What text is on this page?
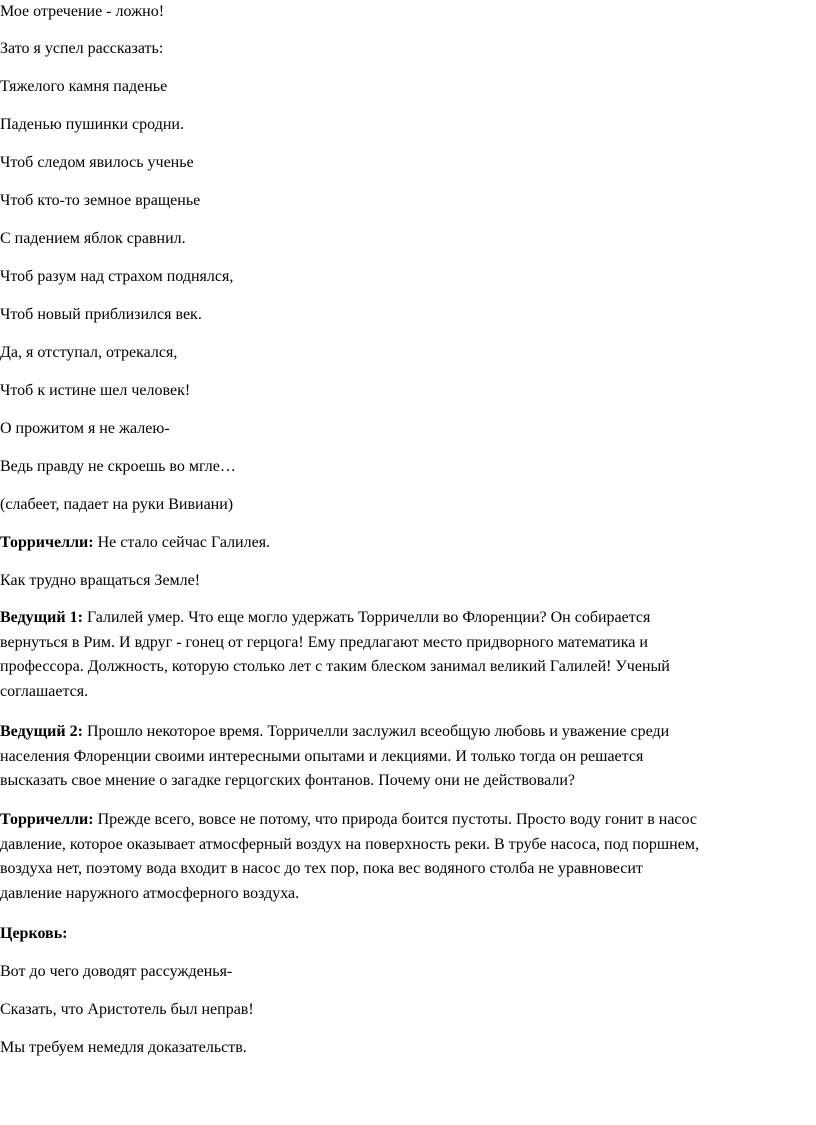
Мое отречение - ложно!
Зато я успел рассказать:
Тяжелого камня паденье
Паденью пушинки сродни.
Чтоб следом явилось ученье
Чтоб кто-то земное вращенье
С падением яблок сравнил.
Чтоб разум над страхом поднялся,
Чтоб новый приблизился век.
Да, я отступал, отрекался,
Чтоб к истине шел человек!
О прожитом я не жалею-
Ведь правду не скроешь во мгле…
(слабеет, падает на руки Вивиани)
Торричелли: Не стало сейчас Галилея.
Как трудно вращаться Земле!
Ведущий 1: Галилей умер. Что еще могло удержать Торричелли во Флоренции? Он собирается
вернуться в Рим. И вдруг - гонец от герцога! Ему предлагают место придворного математика и
профессора. Должность, которую столько лет с таким блеском занимал великий Галилей! Ученый
соглашается.
Ведущий 2: Прошло некоторое время. Торричелли заслужил всеобщую любовь и уважение среди
населения Флоренции своими интересными опытами и лекциями. И только тогда он решается
высказать свое мнение о загадке герцогских фонтанов. Почему они не действовали?
Торричелли: Прежде всего, вовсе не потому, что природа боится пустоты. Просто воду гонит в насос
давление, которое оказывает атмосферный воздух на поверхность реки. В трубе насоса, под поршнем,
воздуха нет, поэтому вода входит в насос до тех пор, пока вес водяного столба не уравновесит
давление наружного атмосферного воздуха.
Церковь:
Вот до чего доводят рассужденья-
Сказать, что Аристотель был неправ!
Мы требуем немедля доказательств.
